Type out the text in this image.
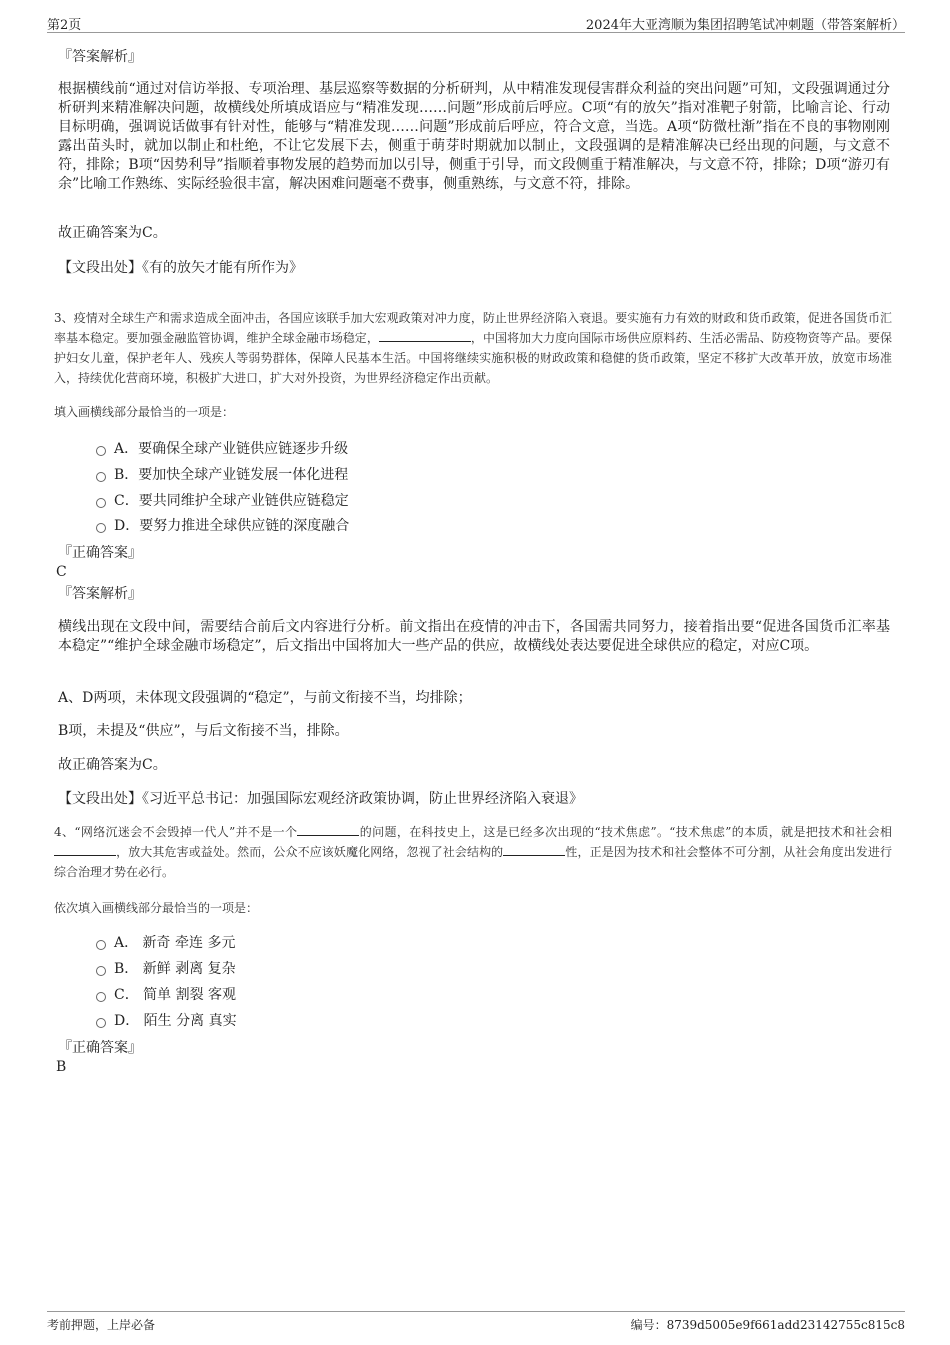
第2页	2024年大亚湾顺为集团招聘笔试冲刺题（带答案解析）
『答案解析』
根据横线前“通过对信访举报、专项治理、基层巡察等数据的分析研判，从中精准发现侵害群众利益的突出问题”可知，文段强调通过分析研判来精准解决问题，故横线处所填成语应与“精准发现……问题”形成前后呼应。C项“有的放矢”指对准靶子射箭，比喻言论、行动目标明确，强调说话做事有针对性，能够与“精准发现……问题”形成前后呼应，符合文意，当选。A项“防微杜渐”指在不良的事物刚刚露出苗头时，就加以制止和杜绝，不让它发展下去，侧重于萌芽时期就加以制止，文段强调的是精准解决已经出现的问题，与文意不符，排除；B项“因势利导”指顺着事物发展的趋势而加以引导，侧重于引导，而文段侧重于精准解决，与文意不符，排除；D项“游刃有余”比喻工作熟练、实际经验很丰富，解决困难问题毫不费事，侧重熟练，与文意不符，排除。
故正确答案为C。
【文段出处】《有的放矢才能有所作为》
3、疫情对全球生产和需求造成全面冲击，各国应该联手加大宏观政策对冲力度，防止世界经济陷入衰退。要实施有力有效的财政和货币政策，促进各国货币汇率基本稳定。要加强金融监管协调，维护全球金融市场稳定，	，中国将加大力度向国际市场供应原料药、生活必需品、防疫物资等产品。要保护妇女儿童，保护老年人、残疾人等弱势群体，保障人民基本生活。中国将继续实施积极的财政政策和稳健的货币政策，坚定不移扩大改革开放，放宽市场准入，持续优化营商环境，积极扩大进口，扩大对外投资，为世界经济稳定作出贡献。
填入画横线部分最恰当的一项是：
A．要确保全球产业链供应链逐步升级
B．要加快全球产业链发展一体化进程
C．要共同维护全球产业链供应链稳定
D．要努力推进全球供应链的深度融合
『正确答案』
C
『答案解析』
横线出现在文段中间，需要结合前后文内容进行分析。前文指出在疫情的冲击下，各国需共同努力，接着指出要“促进各国货币汇率基本稳定”“维护全球金融市场稳定”，后文指出中国将加大一些产品的供应，故横线处表达要促进全球供应的稳定，对应C项。
A、D两项，未体现文段强调的“稳定”，与前文衔接不当，均排除；
B项，未提及“供应”，与后文衔接不当，排除。
故正确答案为C。
【文段出处】《习近平总书记：加强国际宏观经济政策协调，防止世界经济陷入衰退》
4、“网络沉迷会不会毁掉一代人”并不是一个	的问题，在科技史上，这是已经多次出现的“技术焦虑”。“技术焦虑”的本质，就是把技术和社会相，放大其危害或益处。然而，公众不应该妖魔化网络，忽视了社会结构的	性，正是因为技术和社会整体不可分割，从社会角度出发进行综合治理才势在必行。
依次填入画横线部分最恰当的一项是：
A． 新奇 牵连 多元
B． 新鲜 剥离 复杂
C． 简单 割裂 客观
D． 陌生 分离 真实
『正确答案』
B
考前押题，上岸必备	编号：8739d5005e9f661add23142755c815c8
